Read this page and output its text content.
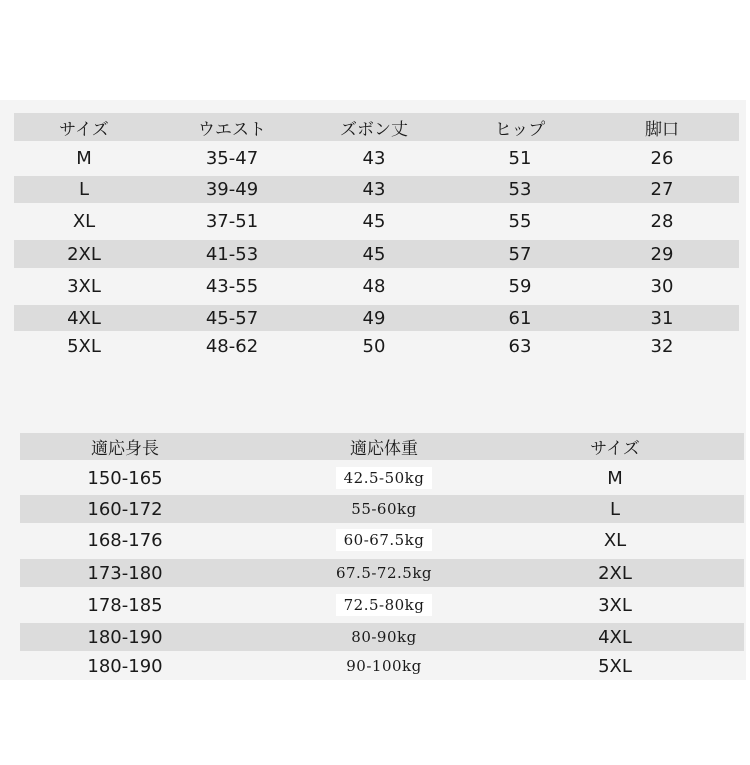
サイズ	ウエスト	ズボン丈	ヒップ	脚口
M	35-47	43	51	26
L	39-49	43	53	27
XL	37-51	45	55	28
2XL	41-53	45	57	29
3XL	43-55	48	59	30
4XL	45-57	49	61	31
5XL	48-62	50	63	32
適応身長	適応体重	サイズ
150-165	42.5-50kg	M
160-172	55-60kg	L
168-176	60-67.5kg	XL
173-180	67.5-72.5kg	2XL
178-185	72.5-80kg	3XL
180-190	80-90kg	4XL
180-190	90-100kg	5XL
